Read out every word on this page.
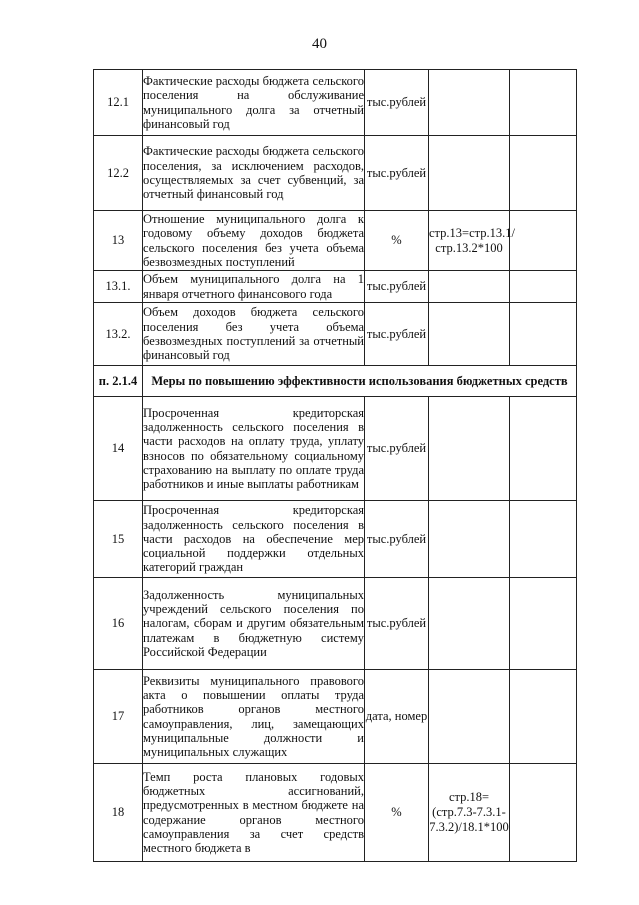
40
12.1	Фактические расходы бюджета сельского поселения на обслуживание муниципального долга за отчетный финансовый год	тыс.рублей		
12.2	Фактические расходы бюджета сельского поселения, за исключением расходов, осуществляемых за счет субвенций, за отчетный финансовый год	тыс.рублей		
13	Отношение муниципального долга к годовому объему доходов бюджета сельского поселения без учета объема безвозмездных поступлений	%	стр.13=стр.13.1/стр.13.2*100	
13.1.	Объем муниципального долга на 1 января отчетного финансового года	тыс.рублей		
13.2.	Объем доходов бюджета сельского поселения без учета объема безвозмездных поступлений за отчетный финансовый год	тыс.рублей		
п. 2.1.4	Меры по повышению эффективности использования бюджетных средств			
14	Просроченная кредиторская задолженность сельского поселения в части расходов на оплату труда, уплату взносов по обязательному социальному страхованию на выплату по оплате труда работников и иные выплаты работникам	тыс.рублей		
15	Просроченная кредиторская задолженность сельского поселения в части расходов на обеспечение мер социальной поддержки отдельных категорий граждан	тыс.рублей		
16	Задолженность муниципальных учреждений сельского поселения по налогам, сборам и другим обязательным платежам в бюджетную систему Российской Федерации	тыс.рублей		
17	Реквизиты муниципального правового акта о повышении оплаты труда работников органов местного самоуправления, лиц, замещающих муниципальные должности и муниципальных служащих	дата, номер		
18	Темп роста плановых годовых бюджетных ассигнований, предусмотренных в местном бюджете на содержание органов местного самоуправления за счет средств местного бюджета в	%	стр.18=(стр.7.3-7.3.1-7.3.2)/18.1*100	
